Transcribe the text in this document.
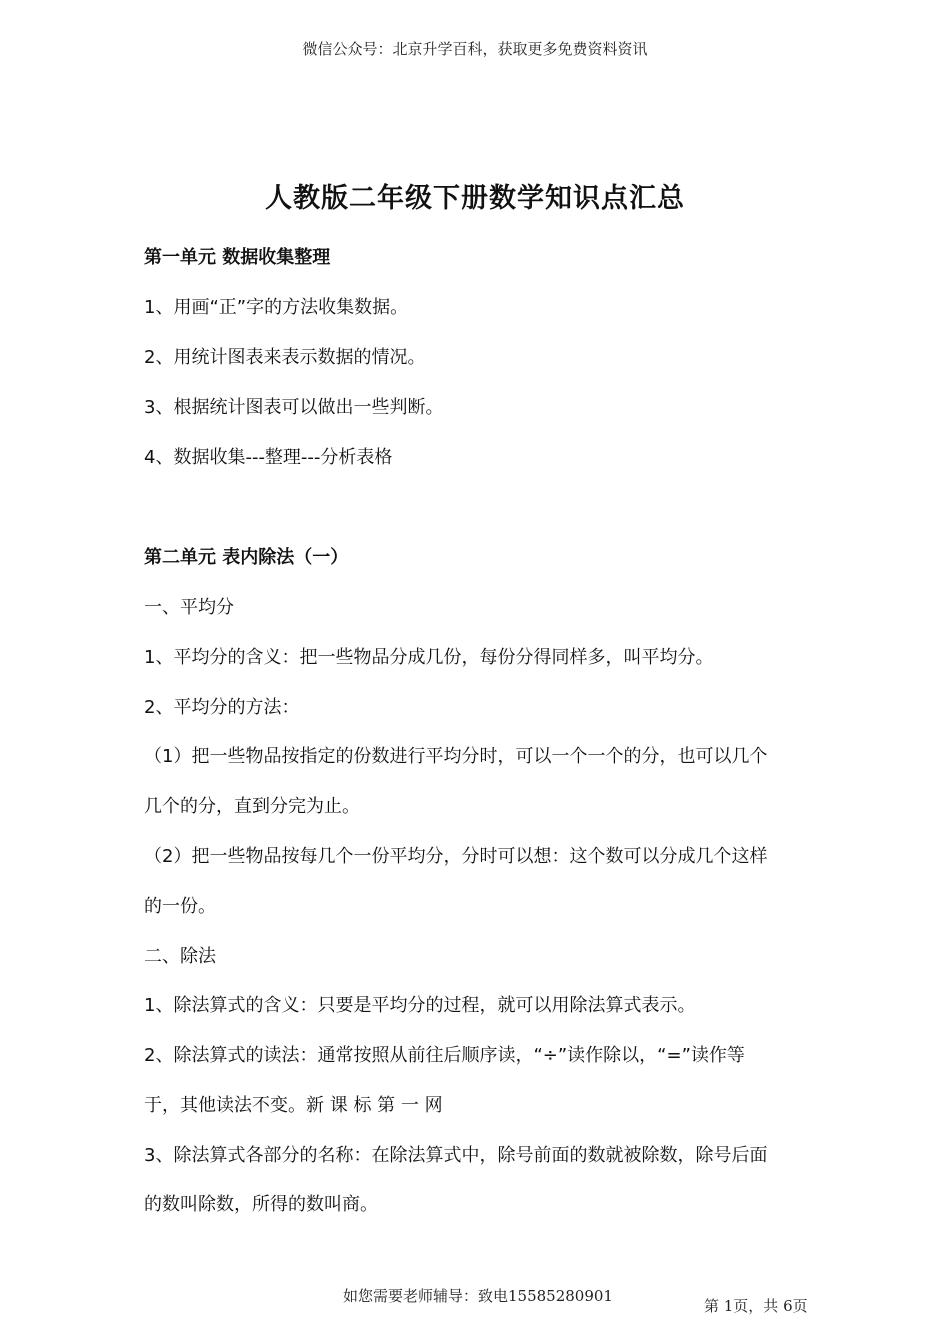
微信公众号：北京升学百科，获取更多免费资料资讯
人教版二年级下册数学知识点汇总
第一单元 数据收集整理
1、用画“正”字的方法收集数据。
2、用统计图表来表示数据的情况。
3、根据统计图表可以做出一些判断。
4、数据收集---整理---分析表格
第二单元 表内除法（一）
一、平均分
1、平均分的含义：把一些物品分成几份，每份分得同样多，叫平均分。
2、平均分的方法：
（1）把一些物品按指定的份数进行平均分时，可以一个一个的分，也可以几个
几个的分，直到分完为止。
（2）把一些物品按每几个一份平均分，分时可以想：这个数可以分成几个这样
的一份。
二、除法
1、除法算式的含义：只要是平均分的过程，就可以用除法算式表示。
2、除法算式的读法：通常按照从前往后顺序读，“÷”读作除以，“=”读作等
于，其他读法不变。新 课 标 第 一 网
3、除法算式各部分的名称：在除法算式中，除号前面的数就被除数，除号后面
的数叫除数，所得的数叫商。
如您需要老师辅导：致电15585280901
第 1页，共 6页
